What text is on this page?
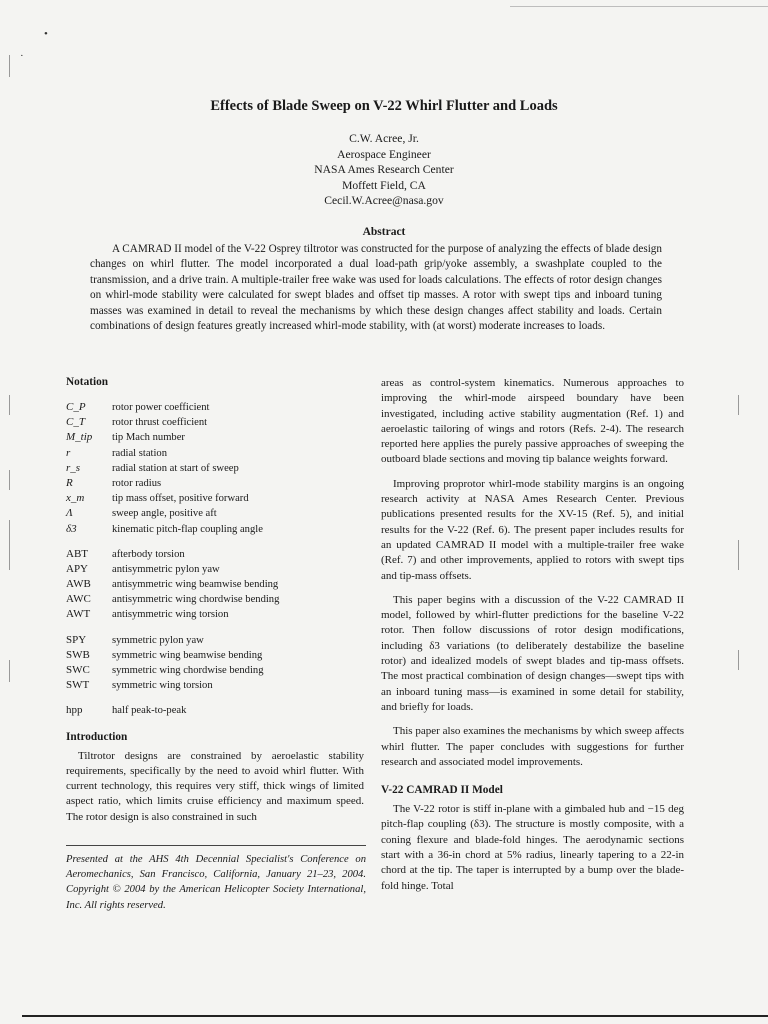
•
·
Effects of Blade Sweep on V-22 Whirl Flutter and Loads
C.W. Acree, Jr.
Aerospace Engineer
NASA Ames Research Center
Moffett Field, CA
Cecil.W.Acree@nasa.gov
Abstract

A CAMRAD II model of the V-22 Osprey tiltrotor was constructed for the purpose of analyzing the effects of blade design changes on whirl flutter. The model incorporated a dual load-path grip/yoke assembly, a swashplate coupled to the transmission, and a drive train. A multiple-trailer free wake was used for loads calculations. The effects of rotor design changes on whirl-mode stability were calculated for swept blades and offset tip masses. A rotor with swept tips and inboard tuning masses was examined in detail to reveal the mechanisms by which these design changes affect stability and loads. Certain combinations of design features greatly increased whirl-mode stability, with (at worst) moderate increases to loads.

Notation
C_P	rotor power coefficient
C_T	rotor thrust coefficient
M_tip	tip Mach number
r	radial station
r_s	radial station at start of sweep
R	rotor radius
x_m	tip mass offset, positive forward
Λ	sweep angle, positive aft
δ3	kinematic pitch-flap coupling angle
ABT	afterbody torsion
APY	antisymmetric pylon yaw
AWB	antisymmetric wing beamwise bending
AWC	antisymmetric wing chordwise bending
AWT	antisymmetric wing torsion
SPY	symmetric pylon yaw
SWB	symmetric wing beamwise bending
SWC	symmetric wing chordwise bending
SWT	symmetric wing torsion
hpp	half peak-to-peak
Introduction

Tiltrotor designs are constrained by aeroelastic stability requirements, specifically by the need to avoid whirl flutter. With current technology, this requires very stiff, thick wings of limited aspect ratio, which limits cruise efficiency and maximum speed. The rotor design is also constrained in such

Presented at the AHS 4th Decennial Specialist's Conference on Aeromechanics, San Francisco, California, January 21–23, 2004. Copyright © 2004 by the American Helicopter Society International, Inc. All rights reserved.

areas as control-system kinematics. Numerous approaches to improving the whirl-mode airspeed boundary have been investigated, including active stability augmentation (Ref. 1) and aeroelastic tailoring of wings and rotors (Refs. 2-4). The research reported here applies the purely passive approaches of sweeping the outboard blade sections and moving tip balance weights forward.

Improving proprotor whirl-mode stability margins is an ongoing research activity at NASA Ames Research Center. Previous publications presented results for the XV-15 (Ref. 5), and initial results for the V-22 (Ref. 6). The present paper includes results for an updated CAMRAD II model with a multiple-trailer free wake (Ref. 7) and other improvements, applied to rotors with swept tips and tip-mass offsets.

This paper begins with a discussion of the V-22 CAMRAD II model, followed by whirl-flutter predictions for the baseline V-22 rotor. Then follow discussions of rotor design modifications, including δ3 variations (to deliberately destabilize the baseline rotor) and idealized models of swept blades and tip-mass offsets. The most practical combination of design changes—swept tips with an inboard tuning mass—is examined in some detail for stability, and briefly for loads.

This paper also examines the mechanisms by which sweep affects whirl flutter. The paper concludes with suggestions for further research and associated model improvements.

V-22 CAMRAD II Model

The V-22 rotor is stiff in-plane with a gimbaled hub and −15 deg pitch-flap coupling (δ3). The structure is mostly composite, with a coning flexure and blade-fold hinges. The aerodynamic sections start with a 36-in chord at 5% radius, linearly tapering to a 22-in chord at the tip. The taper is interrupted by a bump over the blade-fold hinge. Total
